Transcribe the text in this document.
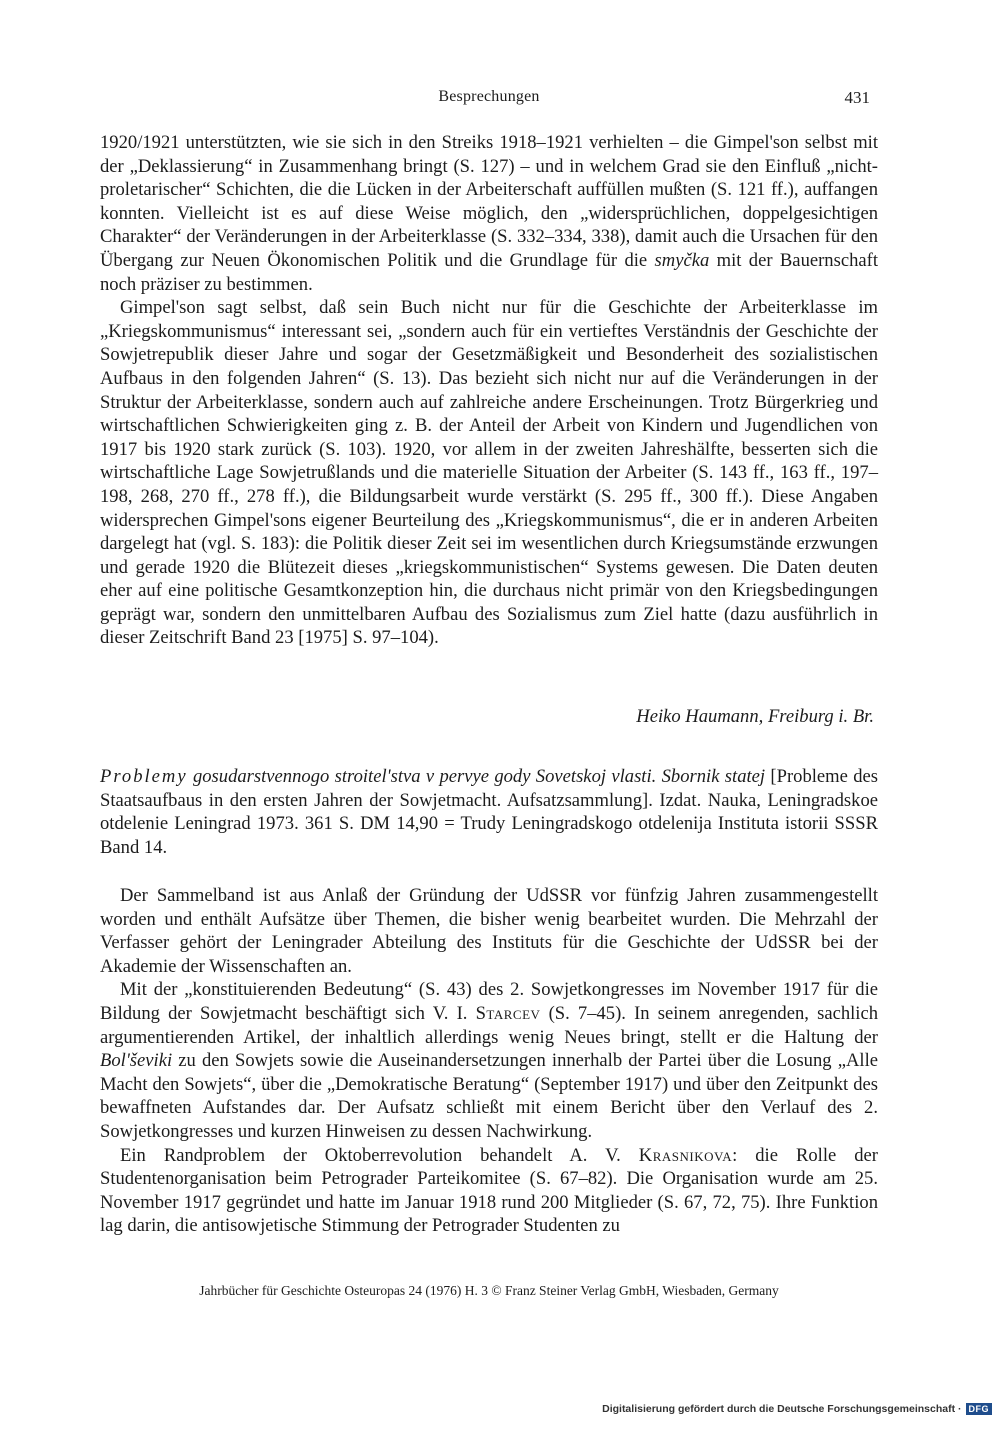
Besprechungen	431

1920/1921 unterstützten, wie sie sich in den Streiks 1918–1921 verhielten – die Gimpel'son selbst mit der „Deklassierung“ in Zusammenhang bringt (S. 127) – und in welchem Grad sie den Einfluß „nicht-proletarischer“ Schichten, die die Lücken in der Arbeiterschaft auffüllen mußten (S. 121 ff.), auffangen konnten. Vielleicht ist es auf diese Weise möglich, den „widersprüchlichen, doppelgesichtigen Charakter“ der Veränderungen in der Arbeiterklasse (S. 332–334, 338), damit auch die Ursachen für den Übergang zur Neuen Ökonomischen Politik und die Grundlage für die smyčka mit der Bauernschaft noch präziser zu bestimmen.

Gimpel'son sagt selbst, daß sein Buch nicht nur für die Geschichte der Arbeiterklasse im „Kriegskommunismus“ interessant sei, „sondern auch für ein vertieftes Verständnis der Geschichte der Sowjetrepublik dieser Jahre und sogar der Gesetzmäßigkeit und Besonderheit des sozialistischen Aufbaus in den folgenden Jahren“ (S. 13). Das bezieht sich nicht nur auf die Veränderungen in der Struktur der Arbeiterklasse, sondern auch auf zahlreiche andere Erscheinungen. Trotz Bürgerkrieg und wirtschaftlichen Schwierigkeiten ging z. B. der Anteil der Arbeit von Kindern und Jugendlichen von 1917 bis 1920 stark zurück (S. 103). 1920, vor allem in der zweiten Jahreshälfte, besserten sich die wirtschaftliche Lage Sowjetrußlands und die materielle Situation der Arbeiter (S. 143 ff., 163 ff., 197–198, 268, 270 ff., 278 ff.), die Bildungsarbeit wurde verstärkt (S. 295 ff., 300 ff.). Diese Angaben widersprechen Gimpel'sons eigener Beurteilung des „Kriegskommunismus“, die er in anderen Arbeiten dargelegt hat (vgl. S. 183): die Politik dieser Zeit sei im wesentlichen durch Kriegsumstände erzwungen und gerade 1920 die Blütezeit dieses „kriegskommunistischen“ Systems gewesen. Die Daten deuten eher auf eine politische Gesamtkonzeption hin, die durchaus nicht primär von den Kriegsbedingungen geprägt war, sondern den unmittelbaren Aufbau des Sozialismus zum Ziel hatte (dazu ausführlich in dieser Zeitschrift Band 23 [1975] S. 97–104).

Heiko Haumann, Freiburg i. Br.

Problemy gosudarstvennogo stroitel'stva v pervye gody Sovetskoj vlasti. Sbornik statej [Probleme des Staatsaufbaus in den ersten Jahren der Sowjetmacht. Aufsatzsammlung]. Izdat. Nauka, Leningradskoe otdelenie Leningrad 1973. 361 S. DM 14,90 = Trudy Leningradskogo otdelenija Instituta istorii SSSR Band 14.

Der Sammelband ist aus Anlaß der Gründung der UdSSR vor fünfzig Jahren zusammengestellt worden und enthält Aufsätze über Themen, die bisher wenig bearbeitet wurden. Die Mehrzahl der Verfasser gehört der Leningrader Abteilung des Instituts für die Geschichte der UdSSR bei der Akademie der Wissenschaften an.

Mit der „konstituierenden Bedeutung“ (S. 43) des 2. Sowjetkongresses im November 1917 für die Bildung der Sowjetmacht beschäftigt sich V. I. Starcev (S. 7–45). In seinem anregenden, sachlich argumentierenden Artikel, der inhaltlich allerdings wenig Neues bringt, stellt er die Haltung der Bol'ševiki zu den Sowjets sowie die Auseinandersetzungen innerhalb der Partei über die Losung „Alle Macht den Sowjets“, über die „Demokratische Beratung“ (September 1917) und über den Zeitpunkt des bewaffneten Aufstandes dar. Der Aufsatz schließt mit einem Bericht über den Verlauf des 2. Sowjetkongresses und kurzen Hinweisen zu dessen Nachwirkung.

Ein Randproblem der Oktoberrevolution behandelt A. V. Krasnikova: die Rolle der Studentenorganisation beim Petrograder Parteikomitee (S. 67–82). Die Organisation wurde am 25. November 1917 gegründet und hatte im Januar 1918 rund 200 Mitglieder (S. 67, 72, 75). Ihre Funktion lag darin, die antisowjetische Stimmung der Petrograder Studenten zu

Jahrbücher für Geschichte Osteuropas 24 (1976) H. 3 © Franz Steiner Verlag GmbH, Wiesbaden, Germany
Digitalisierung gefördert durch die Deutsche Forschungsgemeinschaft · DFG
